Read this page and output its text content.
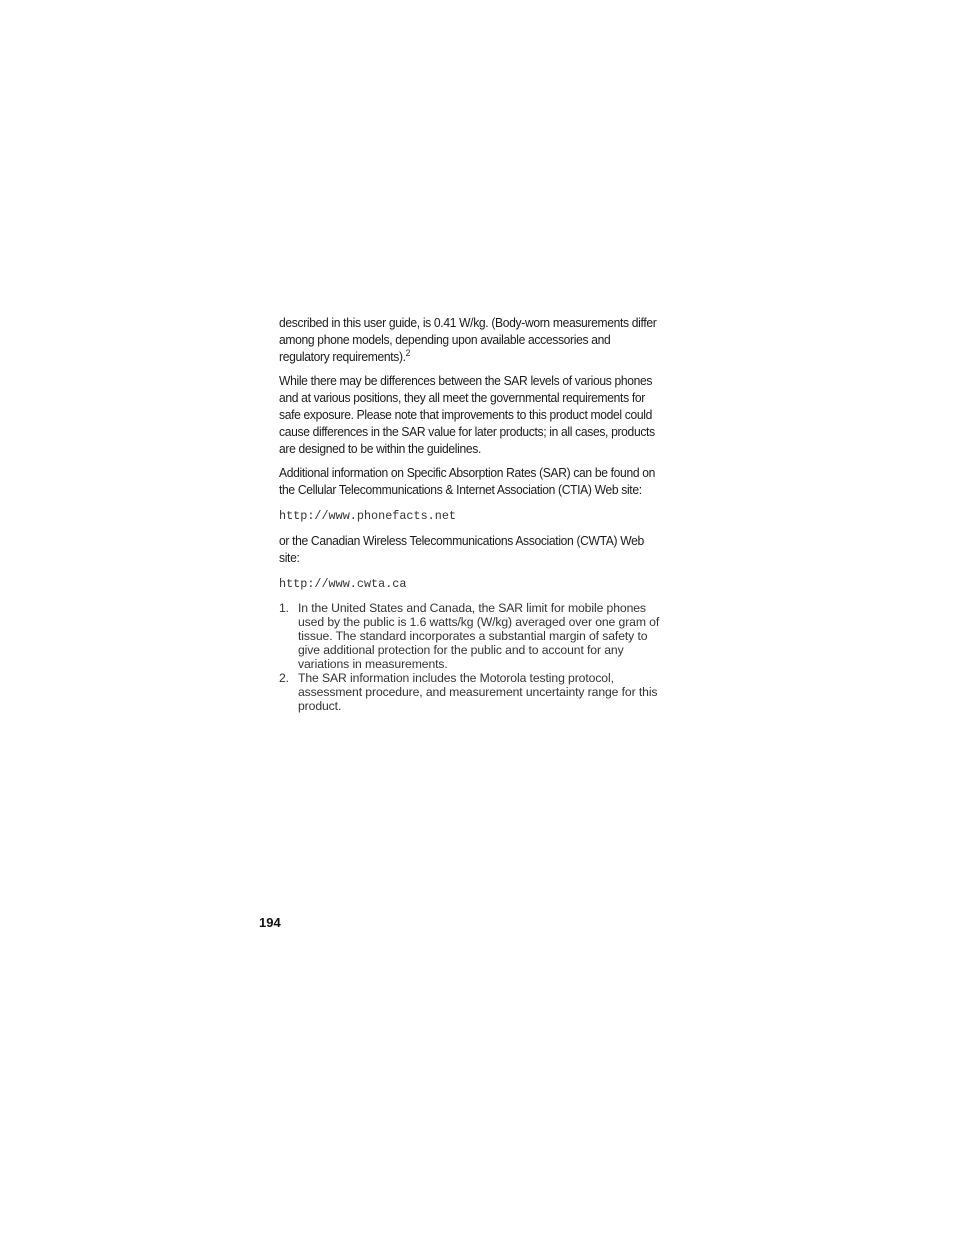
described in this user guide, is 0.41 W/kg. (Body-worn measurements differ among phone models, depending upon available accessories and regulatory requirements).$^2$

While there may be differences between the SAR levels of various phones and at various positions, they all meet the governmental requirements for safe exposure. Please note that improvements to this product model could cause differences in the SAR value for later products; in all cases, products are designed to be within the guidelines.

Additional information on Specific Absorption Rates (SAR) can be found on the Cellular Telecommunications & Internet Association (CTIA) Web site:

http://www.phonefacts.net

or the Canadian Wireless Telecommunications Association (CWTA) Web site:

http://www.cwta.ca
1. In the United States and Canada, the SAR limit for mobile phones used by the public is 1.6 watts/kg (W/kg) averaged over one gram of tissue. The standard incorporates a substantial margin of safety to give additional protection for the public and to account for any variations in measurements.
2. The SAR information includes the Motorola testing protocol, assessment procedure, and measurement uncertainty range for this product.
194
